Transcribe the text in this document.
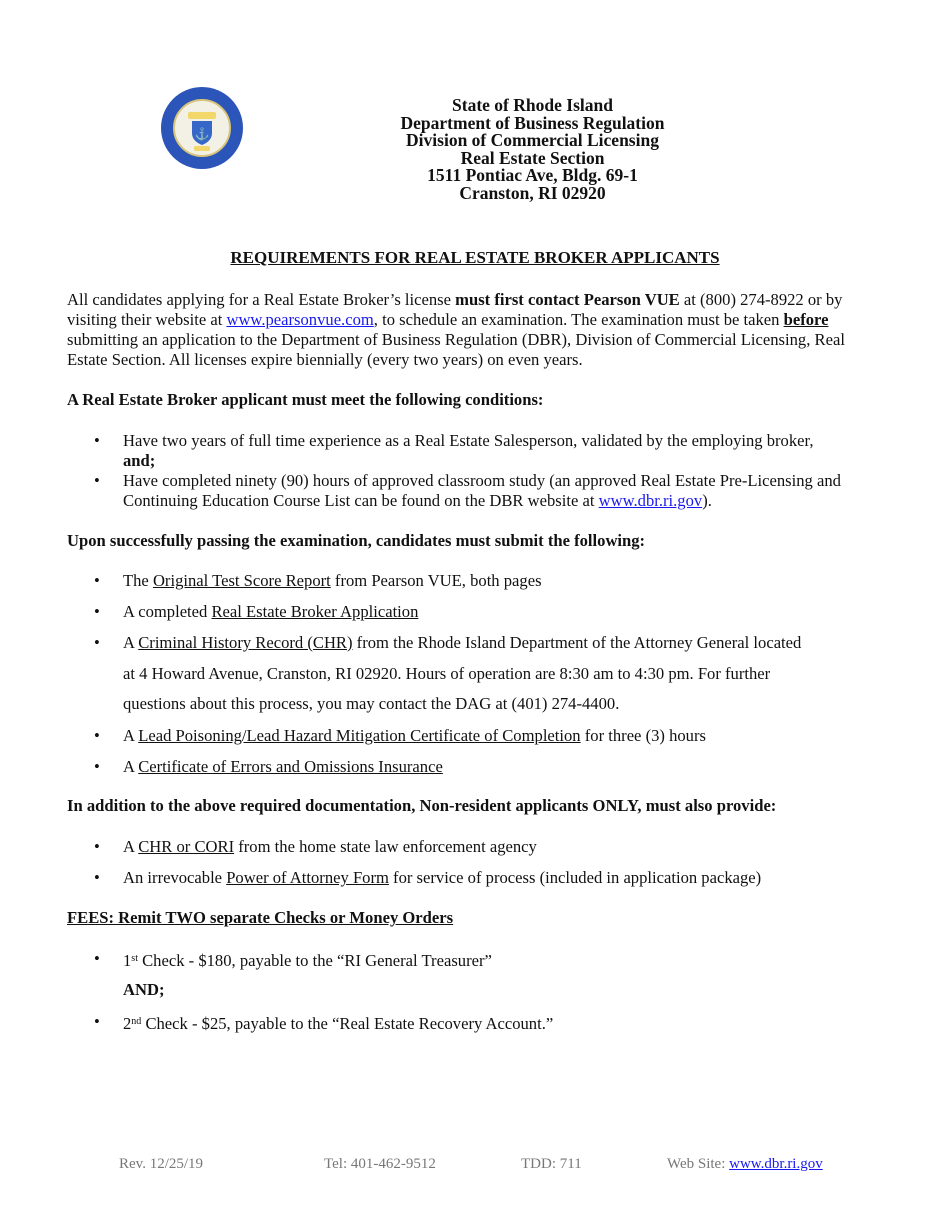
⚓
State of Rhode Island
Department of Business Regulation
Division of Commercial Licensing
Real Estate Section
1511 Pontiac Ave, Bldg. 69-1
Cranston, RI 02920
REQUIREMENTS FOR REAL ESTATE BROKER APPLICANTS
All candidates applying for a Real Estate Broker’s license must first contact Pearson VUE at (800) 274-8922 or by visiting their website at www.pearsonvue.com, to schedule an examination. The examination must be taken before submitting an application to the Department of Business Regulation (DBR), Division of Commercial Licensing, Real Estate Section. All licenses expire biennially (every two years) on even years.
A Real Estate Broker applicant must meet the following conditions:
• Have two years of full time experience as a Real Estate Salesperson, validated by the employing broker,
and;
• Have completed ninety (90) hours of approved classroom study (an approved Real Estate Pre-Licensing and Continuing Education Course List can be found on the DBR website at www.dbr.ri.gov).
Upon successfully passing the examination, candidates must submit the following:
• The Original Test Score Report from Pearson VUE, both pages
• A completed Real Estate Broker Application
• A Criminal History Record (CHR) from the Rhode Island Department of the Attorney General located
at 4 Howard Avenue, Cranston, RI 02920. Hours of operation are 8:30 am to 4:30 pm. For further
questions about this process, you may contact the DAG at (401) 274-4400.
• A Lead Poisoning/Lead Hazard Mitigation Certificate of Completion for three (3) hours
• A Certificate of Errors and Omissions Insurance
In addition to the above required documentation, Non-resident applicants ONLY, must also provide:
• A CHR or CORI from the home state law enforcement agency
• An irrevocable Power of Attorney Form for service of process (included in application package)
FEES: Remit TWO separate Checks or Money Orders
• 1st Check - $180, payable to the “RI General Treasurer”
AND;
• 2nd Check - $25, payable to the “Real Estate Recovery Account.”
Rev. 12/25/19	Tel: 401-462-9512	TDD: 711	Web Site: www.dbr.ri.gov
